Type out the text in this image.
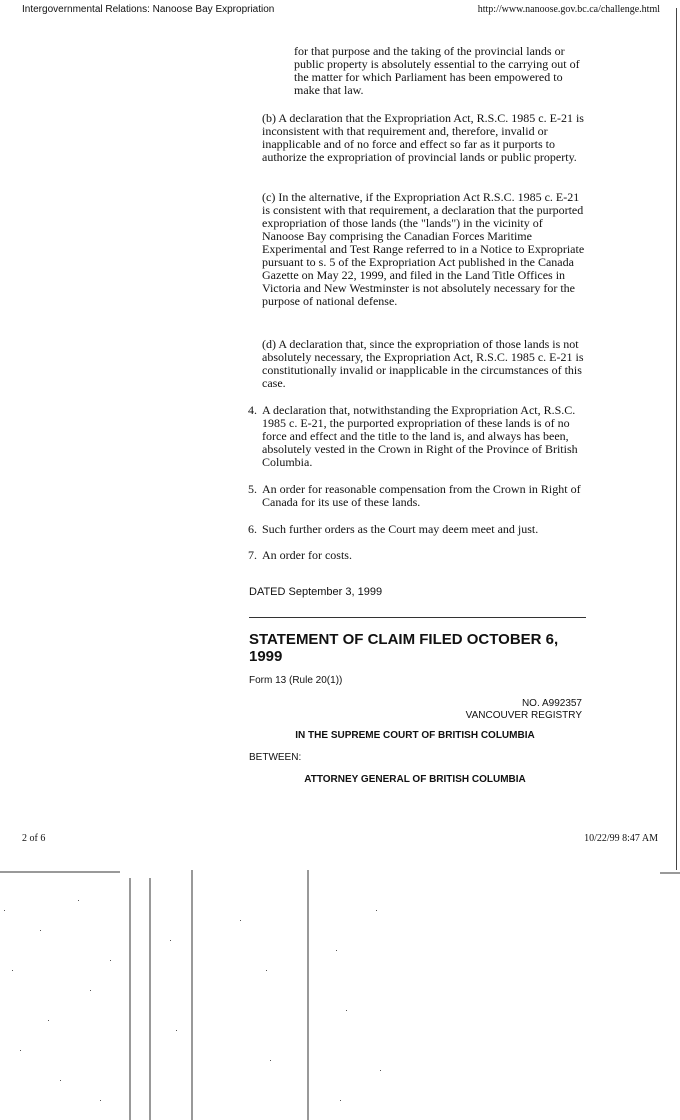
Intergovernmental Relations: Nanoose Bay Expropriation	http://www.nanoose.gov.bc.ca/challenge.html
for that purpose and the taking of the provincial lands or public property is absolutely essential to the carrying out of the matter for which Parliament has been empowered to make that law.
(b) A declaration that the Expropriation Act, R.S.C. 1985 c. E-21 is inconsistent with that requirement and, therefore, invalid or inapplicable and of no force and effect so far as it purports to authorize the expropriation of provincial lands or public property.
(c) In the alternative, if the Expropriation Act R.S.C. 1985 c. E-21 is consistent with that requirement, a declaration that the purported expropriation of those lands (the "lands") in the vicinity of Nanoose Bay comprising the Canadian Forces Maritime Experimental and Test Range referred to in a Notice to Expropriate pursuant to s. 5 of the Expropriation Act published in the Canada Gazette on May 22, 1999, and filed in the Land Title Offices in Victoria and New Westminster is not absolutely necessary for the purpose of national defense.
(d) A declaration that, since the expropriation of those lands is not absolutely necessary, the Expropriation Act, R.S.C. 1985 c. E-21 is constitutionally invalid or inapplicable in the circumstances of this case.
4. A declaration that, notwithstanding the Expropriation Act, R.S.C. 1985 c. E-21, the purported expropriation of these lands is of no force and effect and the title to the land is, and always has been, absolutely vested in the Crown in Right of the Province of British Columbia.
5. An order for reasonable compensation from the Crown in Right of Canada for its use of these lands.
6. Such further orders as the Court may deem meet and just.
7. An order for costs.
DATED September 3, 1999
STATEMENT OF CLAIM FILED OCTOBER 6, 1999
Form 13 (Rule 20(1))
NO. A992357
VANCOUVER REGISTRY
IN THE SUPREME COURT OF BRITISH COLUMBIA
BETWEEN:
ATTORNEY GENERAL OF BRITISH COLUMBIA
2 of 6	10/22/99 8:47 AM
